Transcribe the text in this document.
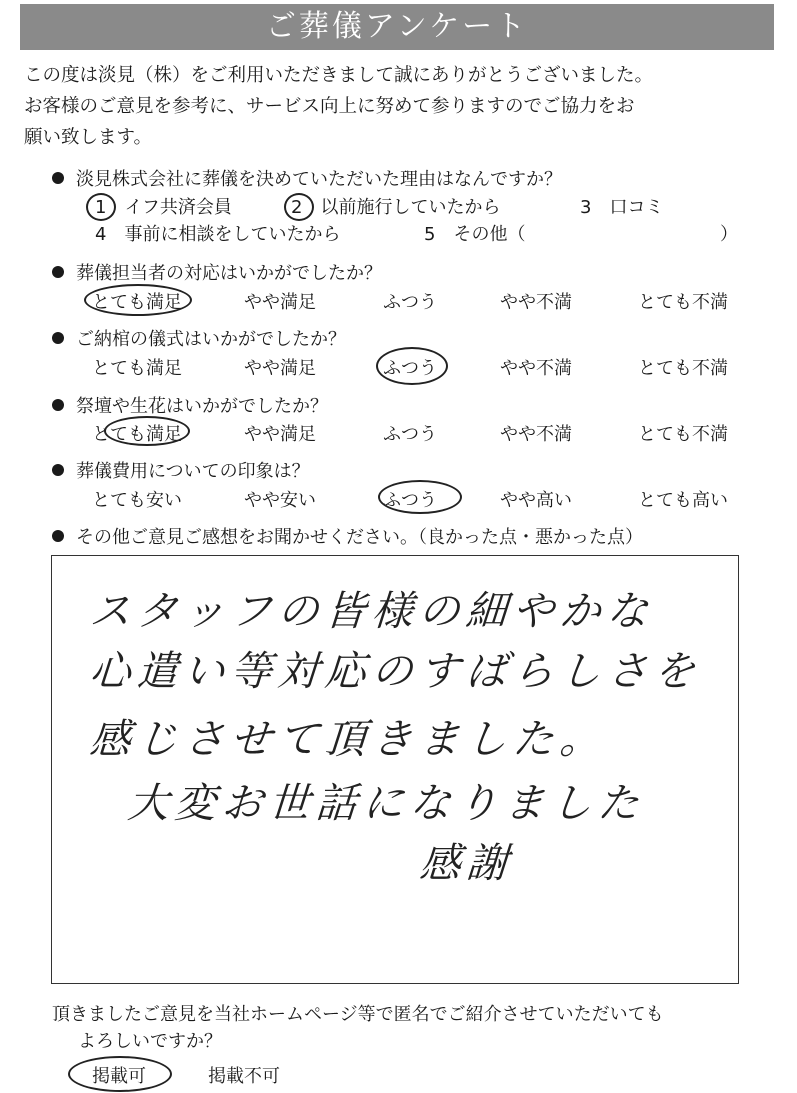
ご葬儀アンケート
この度は淡見（株）をご利用いただきまして誠にありがとうございました。
お客様のご意見を参考に、サービス向上に努めて参りますのでご協力をお
願い致します。
淡見株式会社に葬儀を決めていただいた理由はなんですか？
1　イフ共済会員	2　以前施行していたから	3　口コミ
4　事前に相談をしていたから	5　その他（	）
葬儀担当者の対応はいかがでしたか？
とても満足	やや満足	ふつう	やや不満	とても不満
ご納棺の儀式はいかがでしたか？
とても満足	やや満足	ふつう	やや不満	とても不満
祭壇や生花はいかがでしたか？
とても満足	やや満足	ふつう	やや不満	とても不満
葬儀費用についての印象は？
とても安い	やや安い	ふつう	やや高い	とても高い
その他ご意見ご感想をお聞かせください。（良かった点・悪かった点）
スタッフの皆様の細やかな
心遣い等対応のすばらしさを
感じさせて頂きました。
大変お世話になりました
感謝
頂きましたご意見を当社ホームページ等で匿名でご紹介させていただいても
よろしいですか？
掲載可	掲載不可
